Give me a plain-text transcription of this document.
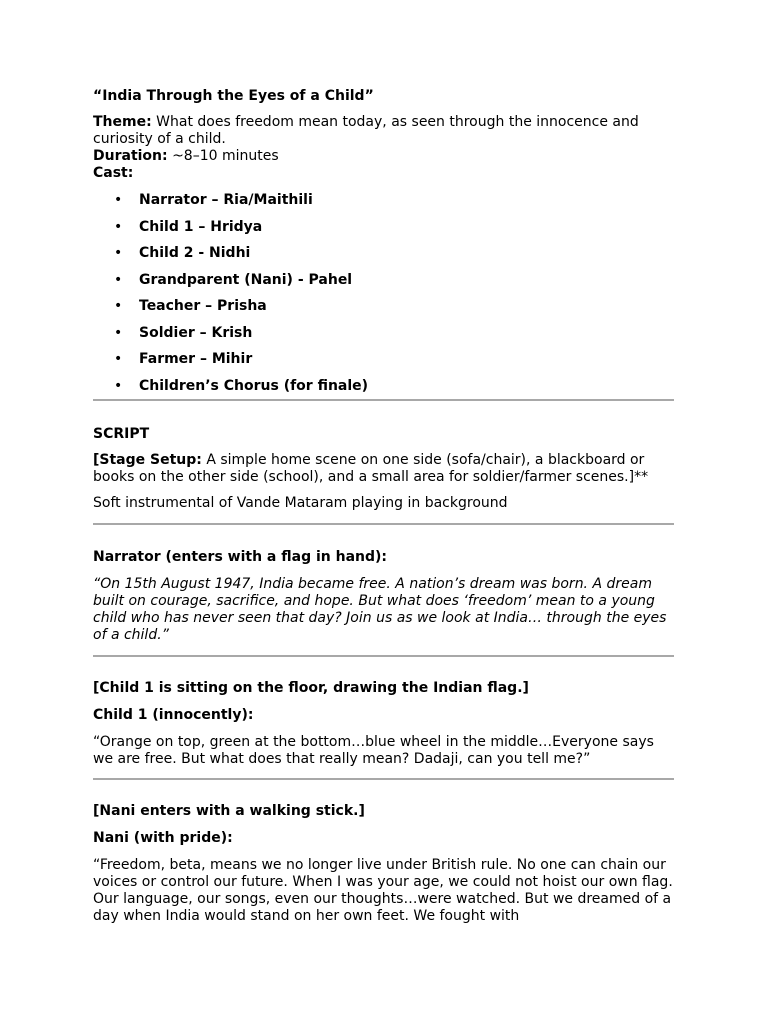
“India Through the Eyes of a Child”

Theme: What does freedom mean today, as seen through the innocence and curiosity of a child.

Duration: ~8–10 minutes

Cast:

• Narrator – Ria/Maithili
• Child 1 – Hridya
• Child 2 - Nidhi
• Grandparent (Nani) - Pahel
• Teacher – Prisha
• Soldier – Krish
• Farmer – Mihir
• Children’s Chorus (for finale)

SCRIPT

[Stage Setup: A simple home scene on one side (sofa/chair), a blackboard or books on the other side (school), and a small area for soldier/farmer scenes.]**

Soft instrumental of Vande Mataram playing in background

Narrator (enters with a flag in hand):

“On 15th August 1947, India became free. A nation’s dream was born. A dream built on courage, sacrifice, and hope. But what does ‘freedom’ mean to a young child who has never seen that day? Join us as we look at India… through the eyes of a child.”

[Child 1 is sitting on the floor, drawing the Indian flag.]

Child 1 (innocently):

“Orange on top, green at the bottom…blue wheel in the middle…Everyone says we are free. But what does that really mean? Dadaji, can you tell me?”

[Nani enters with a walking stick.]

Nani (with pride):

“Freedom, beta, means we no longer live under British rule. No one can chain our voices or control our future. When I was your age, we could not hoist our own flag. Our language, our songs, even our thoughts…were watched. But we dreamed of a day when India would stand on her own feet. We fought with
